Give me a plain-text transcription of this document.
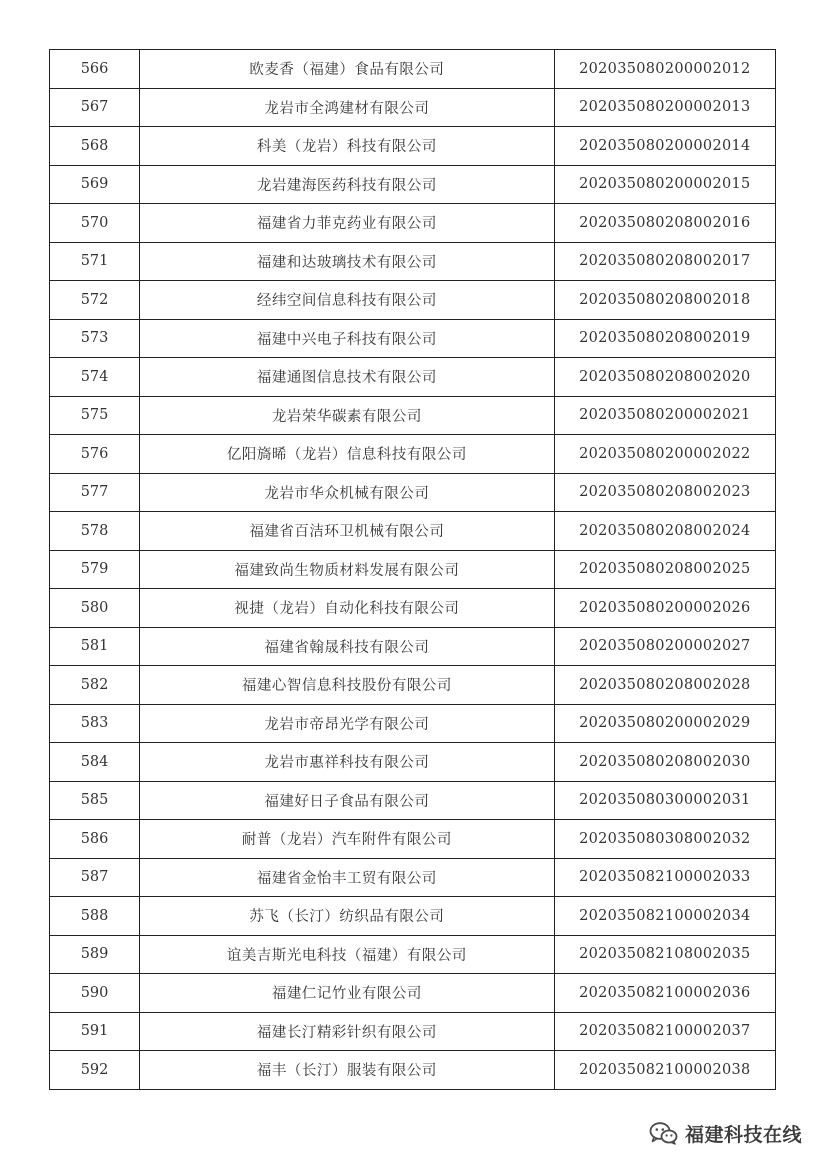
566	欧麦香（福建）食品有限公司	202035080200002012
567	龙岩市全鸿建材有限公司	202035080200002013
568	科美（龙岩）科技有限公司	202035080200002014
569	龙岩建海医药科技有限公司	202035080200002015
570	福建省力菲克药业有限公司	202035080208002016
571	福建和达玻璃技术有限公司	202035080208002017
572	经纬空间信息科技有限公司	202035080208002018
573	福建中兴电子科技有限公司	202035080208002019
574	福建通图信息技术有限公司	202035080208002020
575	龙岩荣华碳素有限公司	202035080200002021
576	亿阳旖晞（龙岩）信息科技有限公司	202035080200002022
577	龙岩市华众机械有限公司	202035080208002023
578	福建省百洁环卫机械有限公司	202035080208002024
579	福建致尚生物质材料发展有限公司	202035080208002025
580	视捷（龙岩）自动化科技有限公司	202035080200002026
581	福建省翰晟科技有限公司	202035080200002027
582	福建心智信息科技股份有限公司	202035080208002028
583	龙岩市帝昂光学有限公司	202035080200002029
584	龙岩市惠祥科技有限公司	202035080208002030
585	福建好日子食品有限公司	202035080300002031
586	耐普（龙岩）汽车附件有限公司	202035080308002032
587	福建省金怡丰工贸有限公司	202035082100002033
588	苏飞（长汀）纺织品有限公司	202035082100002034
589	谊美吉斯光电科技（福建）有限公司	202035082108002035
590	福建仁记竹业有限公司	202035082100002036
591	福建长汀精彩针织有限公司	202035082100002037
592	福丰（长汀）服装有限公司	202035082100002038
福建科技在线
